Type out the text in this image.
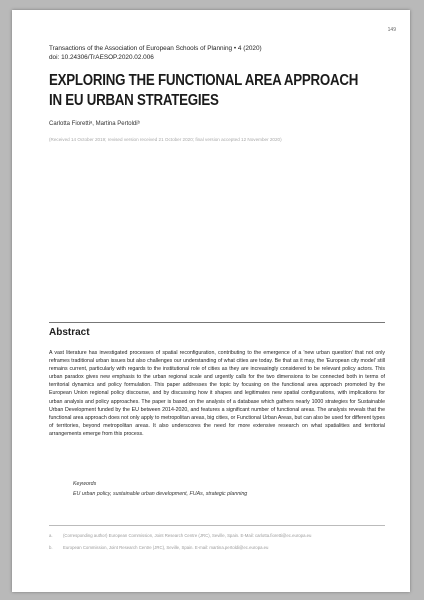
149
Transactions of the Association of European Schools of Planning • 4 (2020)
doi: 10.24306/TrAESOP.2020.02.006
EXPLORING THE FUNCTIONAL AREA APPROACH
IN EU URBAN STRATEGIES
Carlotta Fiorettiᵃ, Martina Pertoldiᵇ
(Received 14 October 2019; revised version received 21 October 2020; final version accepted 12 November 2020)
Abstract

A vast literature has investigated processes of spatial reconfiguration, contributing to the emergence of a 'new urban question' that not only reframes traditional urban issues but also challenges our understanding of what cities are today. Be that as it may, the 'European city model' still remains current, particularly with regards to the institutional role of cities as they are increasingly considered to be relevant policy actors. This urban paradox gives new emphasis to the urban regional scale and urgently calls for the two dimensions to be connected both in terms of territorial dynamics and policy formulation. This paper addresses the topic by focusing on the functional area approach promoted by the European Union regional policy discourse, and by discussing how it shapes and legitimates new spatial configurations, with implications for urban analysis and policy approaches. The paper is based on the analysis of a database which gathers nearly 1000 strategies for Sustainable Urban Development funded by the EU between 2014-2020, and features a significant number of functional areas. The analysis reveals that the functional area approach does not only apply to metropolitan areas, big cities, or Functional Urban Areas, but can also be used for different types of territories, beyond metropolitan areas. It also underscores the need for more extensive research on what spatialities and territorial arrangements emerge from this process.

Keywords
EU urban policy, sustainable urban development, FUAs, strategic planning
a. (Corresponding author) European Commission, Joint Research Centre (JRC), Seville, Spain. E-Mail: carlotta.fioretti@ec.europa.eu
b. European Commission, Joint Research Centre (JRC), Seville, Spain. E-mail: martina.pertoldi@ec.europa.eu
